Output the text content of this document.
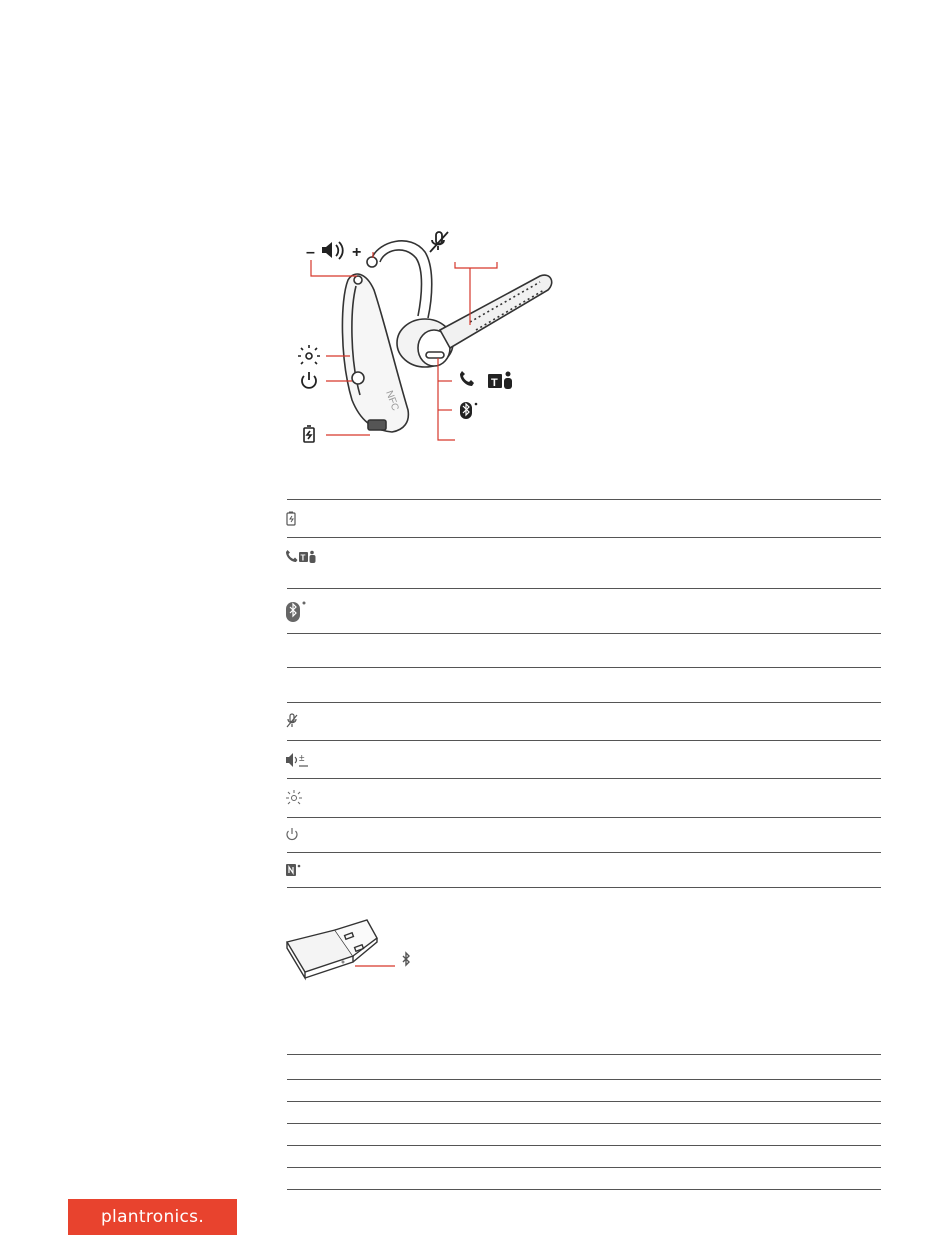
NFC
– +
T
T
±
plantronics.
